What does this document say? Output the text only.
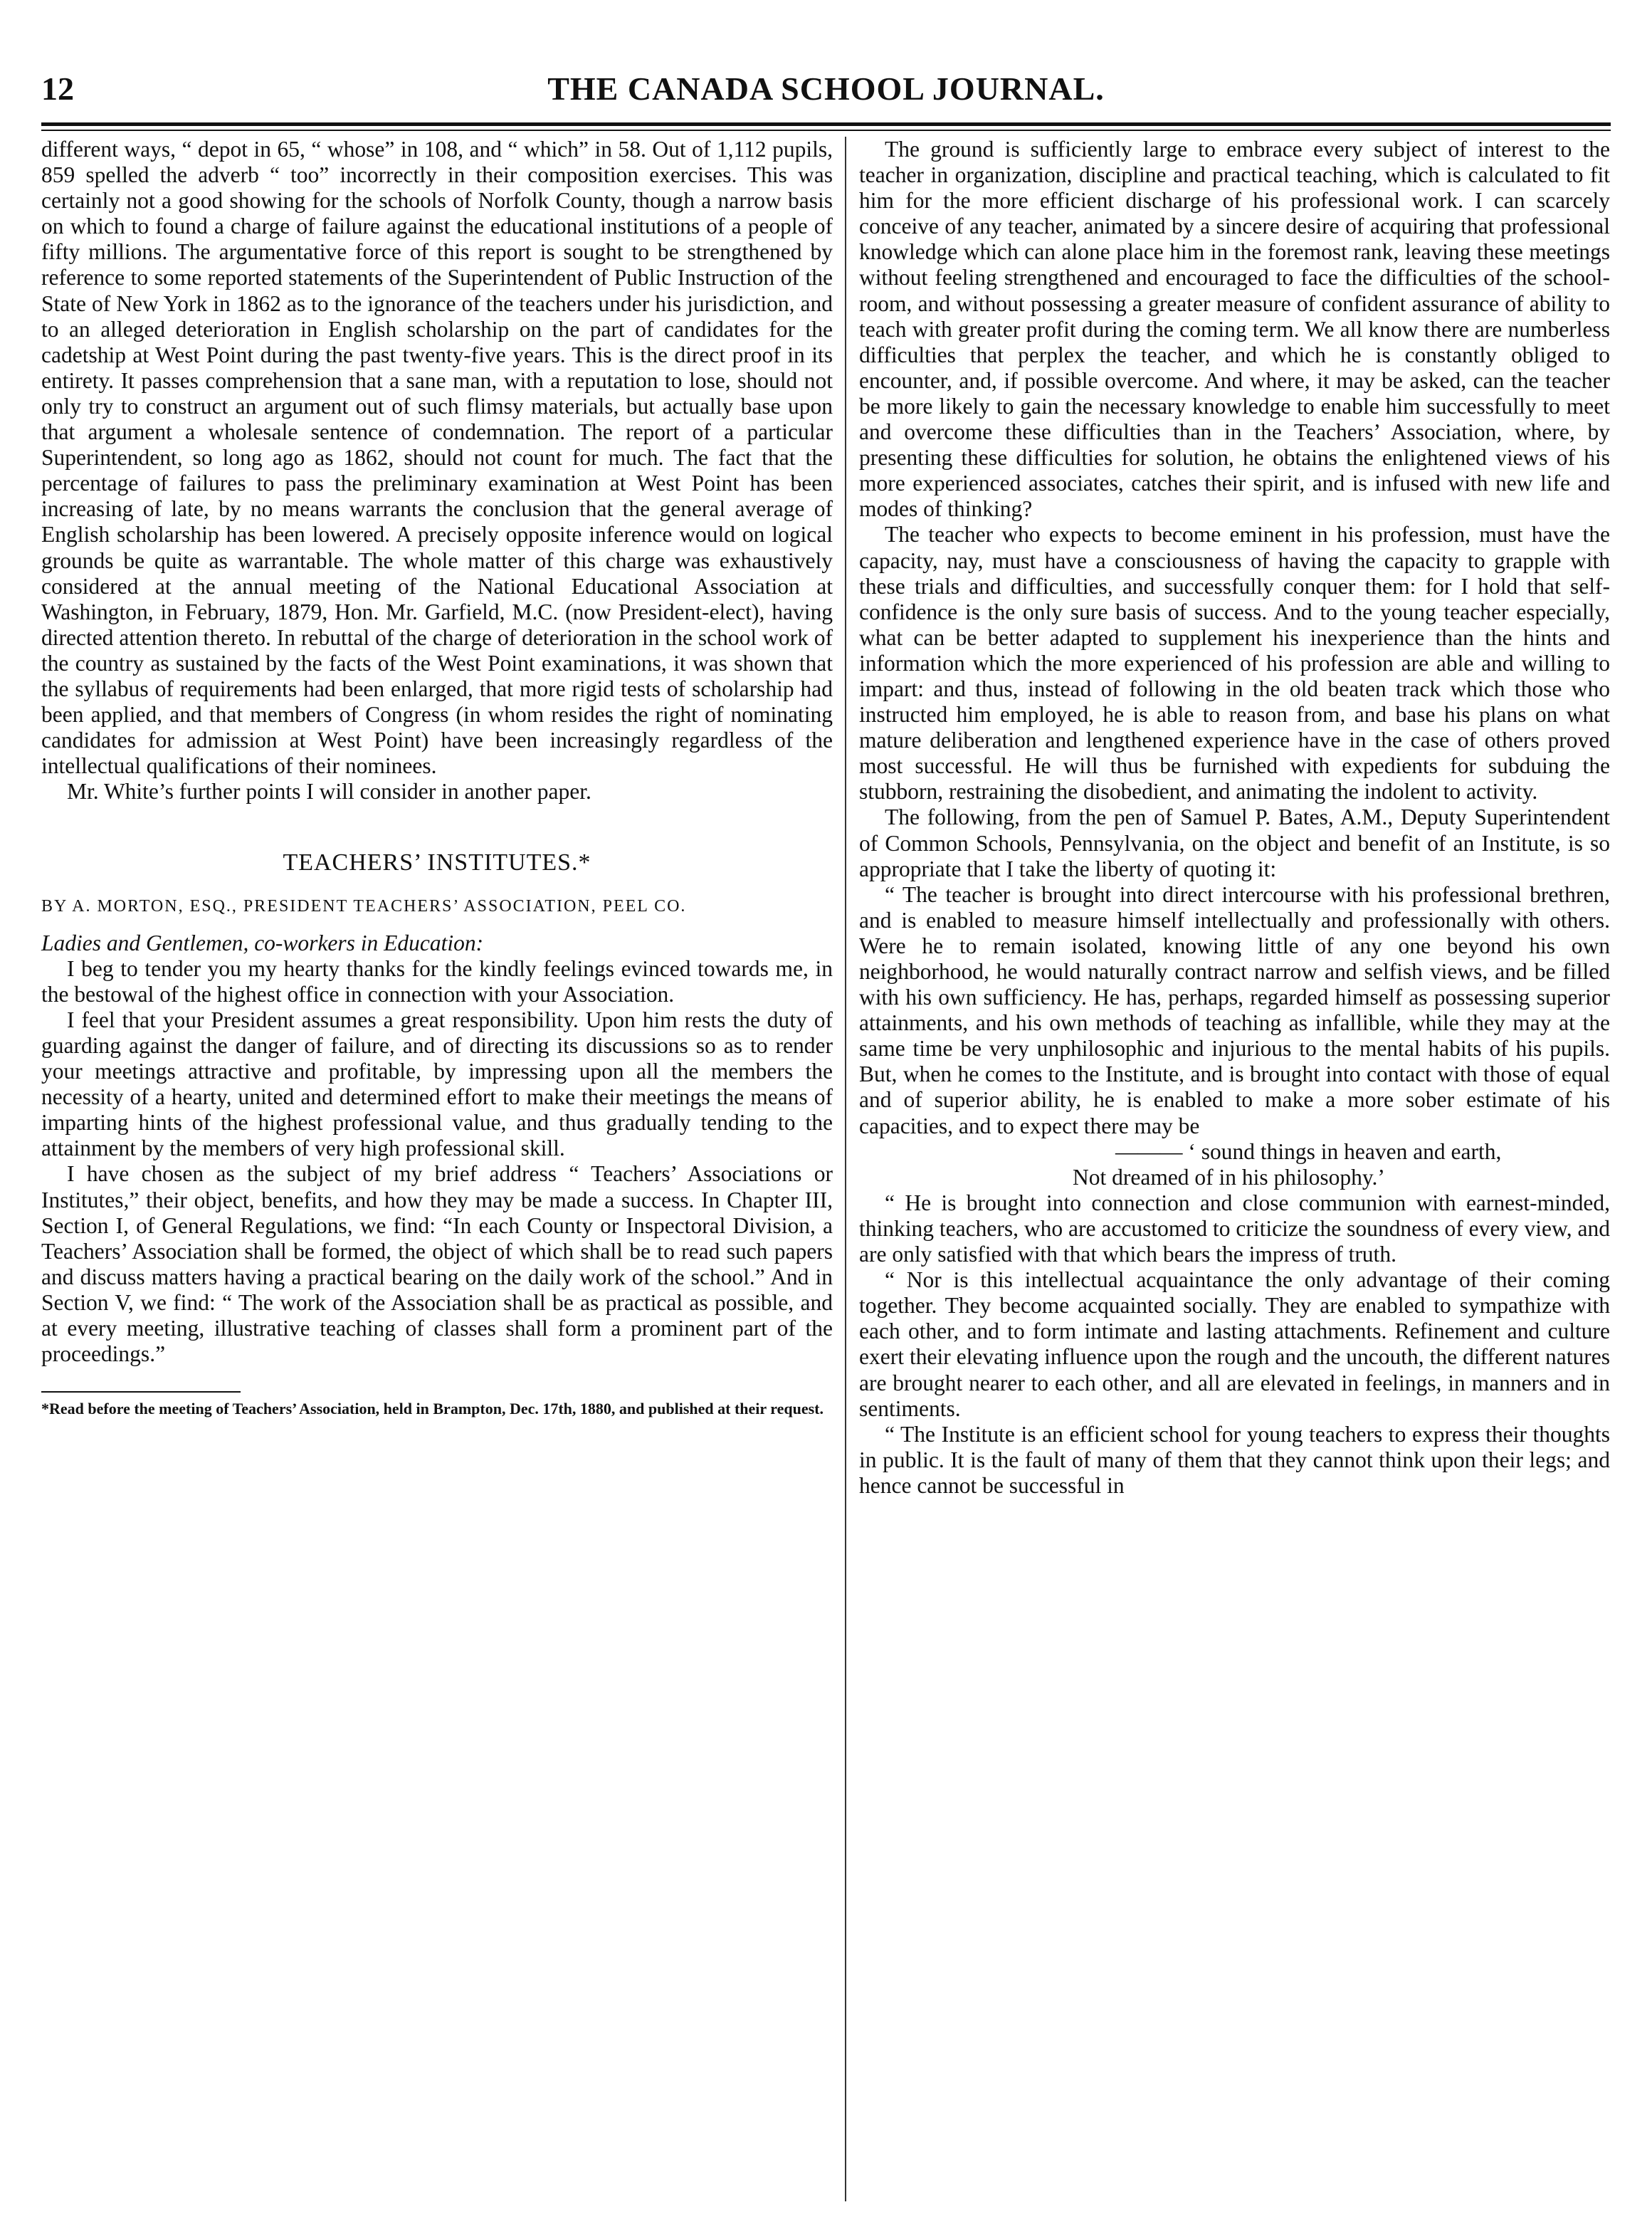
12	THE CANADA SCHOOL JOURNAL.

different ways, “ depot in 65, “ whose” in 108, and “ which” in 58. Out of 1,112 pupils, 859 spelled the adverb “ too” incorrectly in their composition exercises. This was certainly not a good showing for the schools of Norfolk County, though a narrow basis on which to found a charge of failure against the educational institutions of a people of fifty millions. The argumentative force of this report is sought to be strengthened by reference to some reported statements of the Superintendent of Public Instruction of the State of New York in 1862 as to the ignorance of the teachers under his jurisdiction, and to an alleged deterioration in English scholarship on the part of candidates for the cadetship at West Point during the past twenty-five years. This is the direct proof in its entirety. It passes comprehension that a sane man, with a reputation to lose, should not only try to construct an argument out of such flimsy materials, but actually base upon that argument a wholesale sentence of condemnation. The report of a particular Superintendent, so long ago as 1862, should not count for much. The fact that the percentage of failures to pass the preliminary examination at West Point has been increasing of late, by no means warrants the conclusion that the general average of English scholarship has been lowered. A precisely opposite inference would on logical grounds be quite as warrantable. The whole matter of this charge was exhaustively considered at the annual meeting of the National Educational Association at Washington, in February, 1879, Hon. Mr. Garfield, M.C. (now President-elect), having directed attention thereto. In rebuttal of the charge of deterioration in the school work of the country as sustained by the facts of the West Point examinations, it was shown that the syllabus of requirements had been enlarged, that more rigid tests of scholarship had been applied, and that members of Congress (in whom resides the right of nominating candidates for admission at West Point) have been increasingly regardless of the intellectual qualifications of their nominees.

Mr. White’s further points I will consider in another paper.

TEACHERS’ INSTITUTES.*

BY A. MORTON, ESQ., PRESIDENT TEACHERS’ ASSOCIATION, PEEL CO.

Ladies and Gentlemen, co-workers in Education:

I beg to tender you my hearty thanks for the kindly feelings evinced towards me, in the bestowal of the highest office in connection with your Association.

I feel that your President assumes a great responsibility. Upon him rests the duty of guarding against the danger of failure, and of directing its discussions so as to render your meetings attractive and profitable, by impressing upon all the members the necessity of a hearty, united and determined effort to make their meetings the means of imparting hints of the highest professional value, and thus gradually tending to the attainment by the members of very high professional skill.

I have chosen as the subject of my brief address “ Teachers’ Associations or Institutes,” their object, benefits, and how they may be made a success. In Chapter III, Section I, of General Regulations, we find: “In each County or Inspectoral Division, a Teachers’ Association shall be formed, the object of which shall be to read such papers and discuss matters having a practical bearing on the daily work of the school.” And in Section V, we find: “ The work of the Association shall be as practical as possible, and at every meeting, illustrative teaching of classes shall form a prominent part of the proceedings.”

*Read before the meeting of Teachers’ Association, held in Brampton, Dec. 17th, 1880, and published at their request.

The ground is sufficiently large to embrace every subject of interest to the teacher in organization, discipline and practical teaching, which is calculated to fit him for the more efficient discharge of his professional work. I can scarcely conceive of any teacher, animated by a sincere desire of acquiring that professional knowledge which can alone place him in the foremost rank, leaving these meetings without feeling strengthened and encouraged to face the difficulties of the school-room, and without possessing a greater measure of confident assurance of ability to teach with greater profit during the coming term. We all know there are numberless difficulties that perplex the teacher, and which he is constantly obliged to encounter, and, if possible overcome. And where, it may be asked, can the teacher be more likely to gain the necessary knowledge to enable him successfully to meet and overcome these difficulties than in the Teachers’ Association, where, by presenting these difficulties for solution, he obtains the enlightened views of his more experienced associates, catches their spirit, and is infused with new life and modes of thinking?

The teacher who expects to become eminent in his profession, must have the capacity, nay, must have a consciousness of having the capacity to grapple with these trials and difficulties, and successfully conquer them: for I hold that self-confidence is the only sure basis of success. And to the young teacher especially, what can be better adapted to supplement his inexperience than the hints and information which the more experienced of his profession are able and willing to impart: and thus, instead of following in the old beaten track which those who instructed him employed, he is able to reason from, and base his plans on what mature deliberation and lengthened experience have in the case of others proved most successful. He will thus be furnished with expedients for subduing the stubborn, restraining the disobedient, and animating the indolent to activity.

The following, from the pen of Samuel P. Bates, A.M., Deputy Superintendent of Common Schools, Pennsylvania, on the object and benefit of an Institute, is so appropriate that I take the liberty of quoting it:

“ The teacher is brought into direct intercourse with his professional brethren, and is enabled to measure himself intellectually and professionally with others. Were he to remain isolated, knowing little of any one beyond his own neighborhood, he would naturally contract narrow and selfish views, and be filled with his own sufficiency. He has, perhaps, regarded himself as possessing superior attainments, and his own methods of teaching as infallible, while they may at the same time be very unphilosophic and injurious to the mental habits of his pupils. But, when he comes to the Institute, and is brought into contact with those of equal and of superior ability, he is enabled to make a more sober estimate of his capacities, and to expect there may be

——— ‘ sound things in heaven and earth,

Not dreamed of in his philosophy.’

“ He is brought into connection and close communion with earnest-minded, thinking teachers, who are accustomed to criticize the soundness of every view, and are only satisfied with that which bears the impress of truth.

“ Nor is this intellectual acquaintance the only advantage of their coming together. They become acquainted socially. They are enabled to sympathize with each other, and to form intimate and lasting attachments. Refinement and culture exert their elevating influence upon the rough and the uncouth, the different natures are brought nearer to each other, and all are elevated in feelings, in manners and in sentiments.

“ The Institute is an efficient school for young teachers to express their thoughts in public. It is the fault of many of them that they cannot think upon their legs; and hence cannot be successful in
